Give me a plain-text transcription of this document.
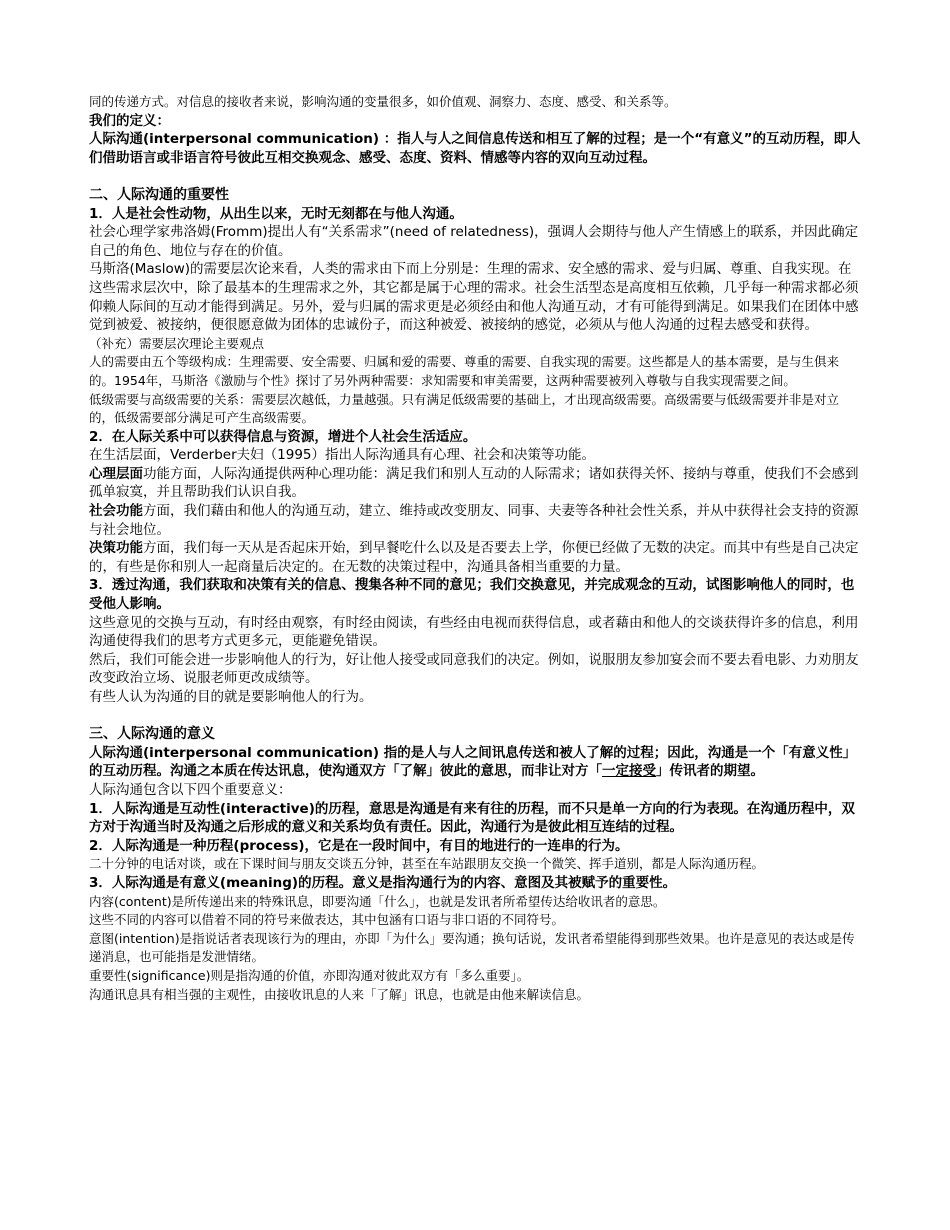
同的传递方式。对信息的接收者来说，影响沟通的变量很多，如价值观、洞察力、态度、感受、和关系等。

我们的定义：

人际沟通(interpersonal communication) ：指人与人之间信息传送和相互了解的过程；是一个“有意义”的互动历程，即人们借助语言或非语言符号彼此互相交换观念、感受、态度、资料、情感等内容的双向互动过程。

二、人际沟通的重要性

1．人是社会性动物，从出生以来，无时无刻都在与他人沟通。

社会心理学家弗洛姆(Fromm)提出人有“关系需求”(need of relatedness)，强调人会期待与他人产生情感上的联系，并因此确定自己的角色、地位与存在的价值。

马斯洛(Maslow)的需要层次论来看，人类的需求由下而上分别是：生理的需求、安全感的需求、爱与归属、尊重、自我实现。在这些需求层次中，除了最基本的生理需求之外，其它都是属于心理的需求。社会生活型态是高度相互依赖，几乎每一种需求都必须仰赖人际间的互动才能得到满足。另外，爱与归属的需求更是必须经由和他人沟通互动，才有可能得到满足。如果我们在团体中感觉到被爱、被接纳，便很愿意做为团体的忠诚份子，而这种被爱、被接纳的感觉，必须从与他人沟通的过程去感受和获得。

（补充）需要层次理论主要观点

人的需要由五个等级构成：生理需要、安全需要、归属和爱的需要、尊重的需要、自我实现的需要。这些都是人的基本需要，是与生俱来的。1954年，马斯洛《激励与个性》探讨了另外两种需要：求知需要和审美需要，这两种需要被列入尊敬与自我实现需要之间。

低级需要与高级需要的关系：需要层次越低，力量越强。只有满足低级需要的基础上，才出现高级需要。高级需要与低级需要并非是对立的，低级需要部分满足可产生高级需要。

2．在人际关系中可以获得信息与资源，增进个人社会生活适应。

在生活层面，Verderber夫妇（1995）指出人际沟通具有心理、社会和决策等功能。

心理层面功能方面，人际沟通提供两种心理功能：满足我们和别人互动的人际需求；诸如获得关怀、接纳与尊重，使我们不会感到孤单寂寞，并且帮助我们认识自我。

社会功能方面，我们藉由和他人的沟通互动，建立、维持或改变朋友、同事、夫妻等各种社会性关系，并从中获得社会支持的资源与社会地位。

决策功能方面，我们每一天从是否起床开始，到早餐吃什么以及是否要去上学，你便已经做了无数的决定。而其中有些是自己决定的，有些是你和别人一起商量后决定的。在无数的决策过程中，沟通具备相当重要的力量。

3．透过沟通，我们获取和决策有关的信息、搜集各种不同的意见；我们交换意见，并完成观念的互动，试图影响他人的同时，也受他人影响。

这些意见的交换与互动，有时经由观察，有时经由阅读，有些经由电视而获得信息，或者藉由和他人的交谈获得许多的信息，利用沟通使得我们的思考方式更多元，更能避免错误。

然后，我们可能会进一步影响他人的行为，好让他人接受或同意我们的决定。例如，说服朋友参加宴会而不要去看电影、力劝朋友改变政治立场、说服老师更改成绩等。

有些人认为沟通的目的就是要影响他人的行为。

三、人际沟通的意义

人际沟通(interpersonal communication) 指的是人与人之间讯息传送和被人了解的过程；因此，沟通是一个「有意义性」的互动历程。沟通之本质在传达讯息，使沟通双方「了解」彼此的意思，而非让对方「一定接受」传讯者的期望。

人际沟通包含以下四个重要意义：

1．人际沟通是互动性(interactive)的历程，意思是沟通是有来有往的历程，而不只是单一方向的行为表现。在沟通历程中，双方对于沟通当时及沟通之后形成的意义和关系均负有责任。因此，沟通行为是彼此相互连结的过程。

2．人际沟通是一种历程(process)，它是在一段时间中，有目的地进行的一连串的行为。

二十分钟的电话对谈，或在下课时间与朋友交谈五分钟，甚至在车站跟朋友交换一个微笑、挥手道别，都是人际沟通历程。

3．人际沟通是有意义(meaning)的历程。意义是指沟通行为的内容、意图及其被赋予的重要性。

内容(content)是所传递出来的特殊讯息，即要沟通「什么」，也就是发讯者所希望传达给收讯者的意思。

这些不同的内容可以借着不同的符号来做表达，其中包涵有口语与非口语的不同符号。

意图(intention)是指说话者表现该行为的理由，亦即「为什么」要沟通；换句话说，发讯者希望能得到那些效果。也许是意见的表达或是传递消息，也可能指是发泄情绪。

重要性(significance)则是指沟通的价值，亦即沟通对彼此双方有「多么重要」。

沟通讯息具有相当强的主观性，由接收讯息的人来「了解」讯息，也就是由他来解读信息。
